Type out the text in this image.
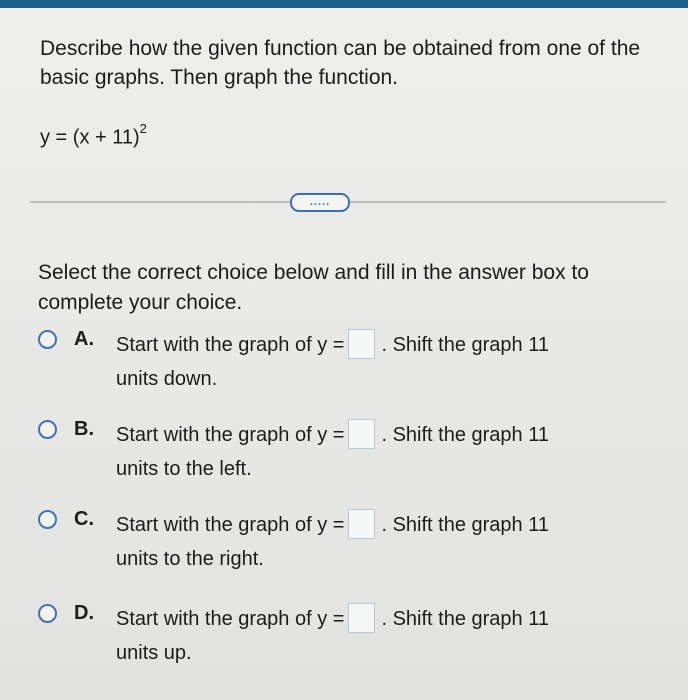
Describe how the given function can be obtained from one of the basic graphs. Then graph the function.
$y = (x + 11)^2$
.....
Select the correct choice below and fill in the answer box to complete your choice.
A. Start with the graph of y = . Shift the graph 11
units down.
B. Start with the graph of y = . Shift the graph 11
units to the left.
C. Start with the graph of y = . Shift the graph 11
units to the right.
D. Start with the graph of y = . Shift the graph 11
units up.
